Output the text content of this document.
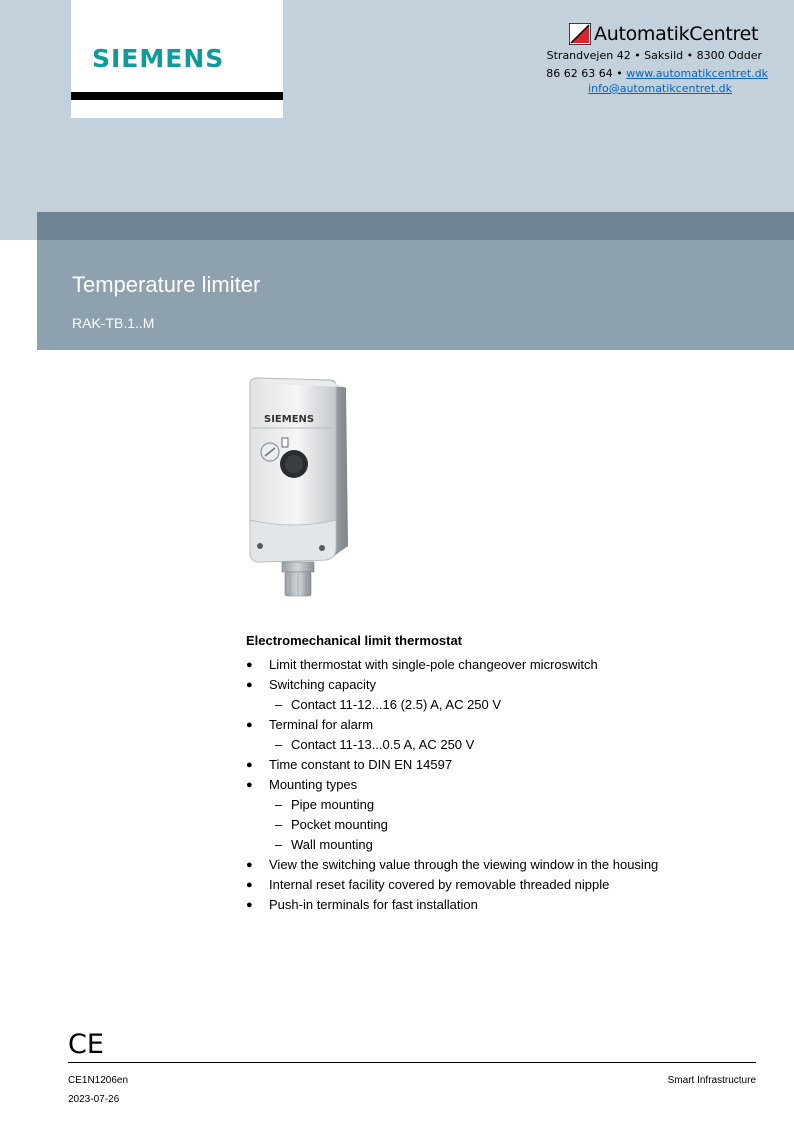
SIEMENS
AutomatikCentret
Strandvejen 42 • Saksild • 8300 Odder
86 62 63 64 • www.automatikcentret.dk
info@automatikcentret.dk
Temperature limiter
RAK-TB.1..M
SIEMENS
Electromechanical limit thermostat
● Limit thermostat with single-pole changeover microswitch
● Switching capacity
– Contact 11-12...16 (2.5) A, AC 250 V
● Terminal for alarm
– Contact 11-13...0.5 A, AC 250 V
● Time constant to DIN EN 14597
● Mounting types
– Pipe mounting
– Pocket mounting
– Wall mounting
● View the switching value through the viewing window in the housing
● Internal reset facility covered by removable threaded nipple
● Push-in terminals for fast installation
CE
CE1N1206en
2023-07-26
Smart Infrastructure
